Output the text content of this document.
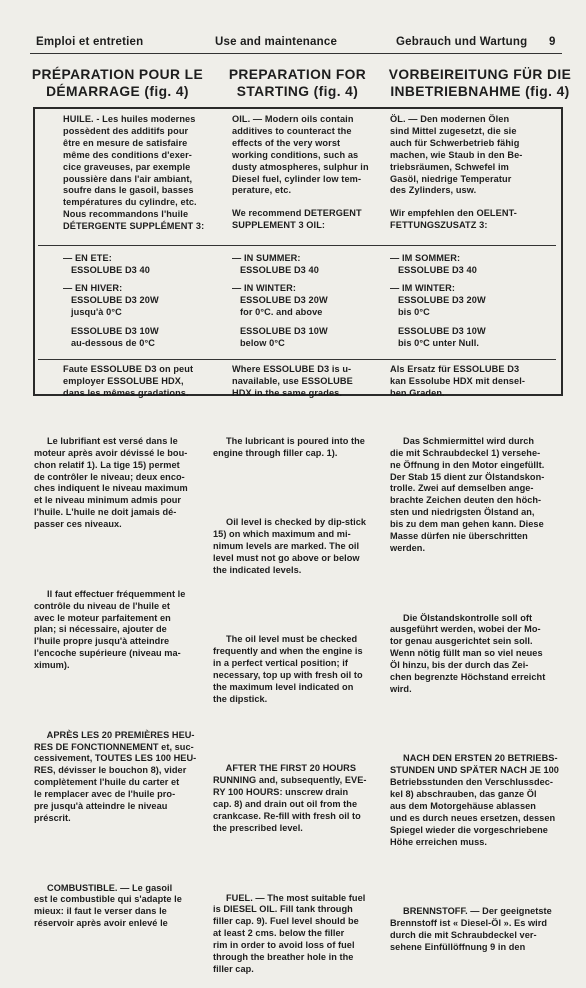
Emploi et entretien	Use and maintenance	Gebrauch und Wartung 9
PRÉPARATION POUR LE
DÉMARRAGE (fig. 4)
PREPARATION FOR
STARTING (fig. 4)
VORBEIREITUNG FÜR DIE
INBETRIEBNAHME (fig. 4)
HUILE. - Les huiles modernes
possèdent des additifs pour
être en mesure de satisfaire
même des conditions d'exer-
cice graveuses, par exemple
poussière dans l'air ambiant,
soufre dans le gasoil, basses
températures du cylindre, etc.
Nous recommandons l'huile
DÉTERGENTE SUPPLÉMENT 3:
— EN ETE:
ESSOLUBE D3 40
— EN HIVER:
ESSOLUBE D3 20W
jusqu'à 0°C
ESSOLUBE D3 10W
au-dessous de 0°C
Faute ESSOLUBE D3 on peut
employer ESSOLUBE HDX,
dans les mêmes gradations.
OIL. — Modern oils contain
additives to counteract the
effects of the very worst
working conditions, such as
dusty atmospheres, sulphur in
Diesel fuel, cylinder low tem-
perature, etc.
We recommend DETERGENT
SUPPLEMENT 3 OIL:
— IN SUMMER:
ESSOLUBE D3 40
— IN WINTER:
ESSOLUBE D3 20W
for 0°C. and above
ESSOLUBE D3 10W
below 0°C
Where ESSOLUBE D3 is u-
navailable, use ESSOLUBE
HDX in the same grades.
ÖL. — Den modernen Ölen
sind Mittel zugesetzt, die sie
auch für Schwerbetrieb fähig
machen, wie Staub in den Be-
triebsräumen, Schwefel im
Gasöl, niedrige Temperatur
des Zylinders, usw.
Wir empfehlen den OELENT-
FETTUNGSZUSATZ 3:
— IM SOMMER:
ESSOLUBE D3 40
— IM WINTER:
ESSOLUBE D3 20W
bis 0°C
ESSOLUBE D3 10W
bis 0°C unter Null.
Als Ersatz für ESSOLUBE D3
kan Essolube HDX mit densel-
ben Graden.

Le lubrifiant est versé dans le
moteur après avoir dévissé le bou-
chon relatif 1). La tige 15) permet
de contrôler le niveau; deux enco-
ches indiquent le niveau maximum
et le niveau minimum admis pour
l'huile. L'huile ne doit jamais dé-
passer ces niveaux.

Il faut effectuer fréquemment le
contrôle du niveau de l'huile et
avec le moteur parfaitement en
plan; si nécessaire, ajouter de
l'huile propre jusqu'à atteindre
l'encoche supérieure (niveau ma-
ximum).

APRÈS LES 20 PREMIÈRES HEU-
RES DE FONCTIONNEMENT et, suc-
cessivement, TOUTES LES 100 HEU-
RES, dévisser le bouchon 8), vider
complètement l'huile du carter et
le remplacer avec de l'huile pro-
pre jusqu'à atteindre le niveau
préscrit.

COMBUSTIBLE. — Le gasoil
est le combustible qui s'adapte le
mieux: il faut le verser dans le
réservoir après avoir enlevé le

The lubricant is poured into the
engine through filler cap. 1).

Oil level is checked by dip-stick
15) on which maximum and mi-
nimum levels are marked. The oil
level must not go above or below
the indicated levels.

The oil level must be checked
frequently and when the engine is
in a perfect vertical position; if
necessary, top up with fresh oil to
the maximum level indicated on
the dipstick.

AFTER THE FIRST 20 HOURS
RUNNING and, subsequently, EVE-
RY 100 HOURS: unscrew drain
cap. 8) and drain out oil from the
crankcase. Re-fill with fresh oil to
the prescribed level.

FUEL. — The most suitable fuel
is DIESEL OIL. Fill tank through
filler cap. 9). Fuel level should be
at least 2 cms. below the filler
rim in order to avoid loss of fuel
through the breather hole in the
filler cap.

Das Schmiermittel wird durch
die mit Schraubdeckel 1) versehe-
ne Öffnung in den Motor eingefüllt.
Der Stab 15 dient zur Ölstandskon-
trolle. Zwei auf demselben ange-
brachte Zeichen deuten den höch-
sten und niedrigsten Ölstand an,
bis zu dem man gehen kann. Diese
Masse dürfen nie überschritten
werden.

Die Ölstandskontrolle soll oft
ausgeführt werden, wobei der Mo-
tor genau ausgerichtet sein soll.
Wenn nötig füllt man so viel neues
Öl hinzu, bis der durch das Zei-
chen begrenzte Höchstand erreicht
wird.

NACH DEN ERSTEN 20 BETRIEBS-
STUNDEN UND SPÄTER NACH JE 100
Betriebsstunden den Verschlussdec-
kel 8) abschrauben, das ganze Öl
aus dem Motorgehäuse ablassen
und es durch neues ersetzen, dessen
Spiegel wieder die vorgeschriebene
Höhe erreichen muss.

BRENNSTOFF. — Der geeignetste
Brennstoff ist « Diesel-Öl ». Es wird
durch die mit Schraubdeckel ver-
sehene Einfüllöffnung 9 in den
